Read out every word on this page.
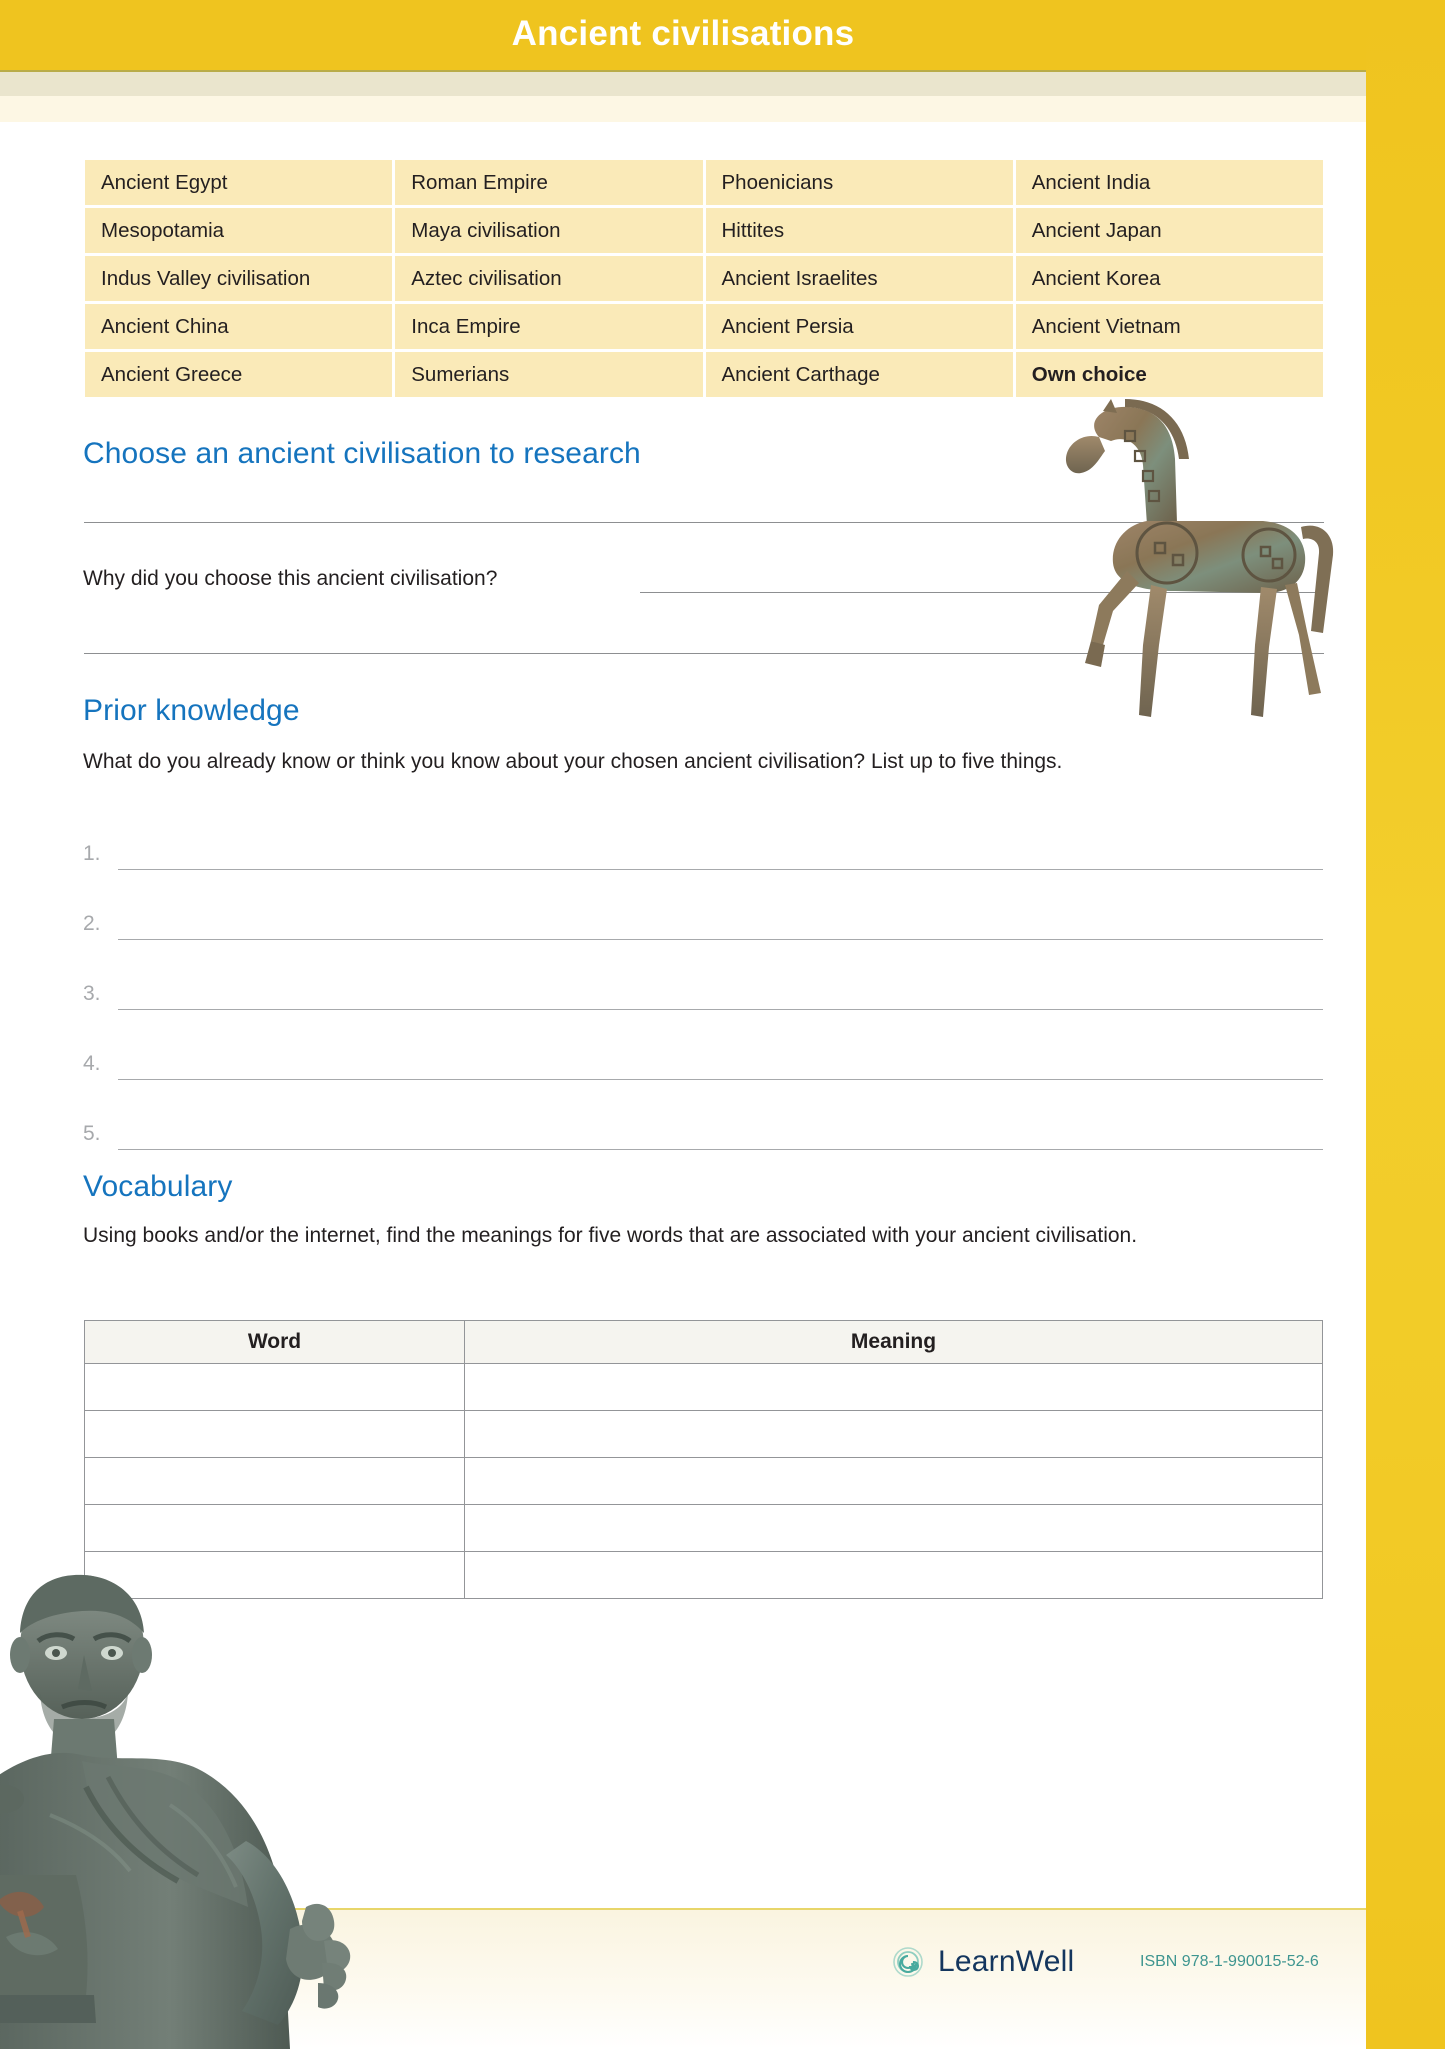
Ancient civilisations
Ancient Egypt	Roman Empire	Phoenicians	Ancient India
Mesopotamia	Maya civilisation	Hittites	Ancient Japan
Indus Valley civilisation	Aztec civilisation	Ancient Israelites	Ancient Korea
Ancient China	Inca Empire	Ancient Persia	Ancient Vietnam
Ancient Greece	Sumerians	Ancient Carthage	Own choice
Choose an ancient civilisation to research
Why did you choose this ancient civilisation?
Prior knowledge
What do you already know or think you know about your chosen ancient civilisation? List up to five things.
1.
2.
3.
4.
5.
Vocabulary
Using books and/or the internet, find the meanings for five words that are associated with your ancient civilisation.
Word	Meaning

LearnWell	ISBN 978-1-990015-52-6
